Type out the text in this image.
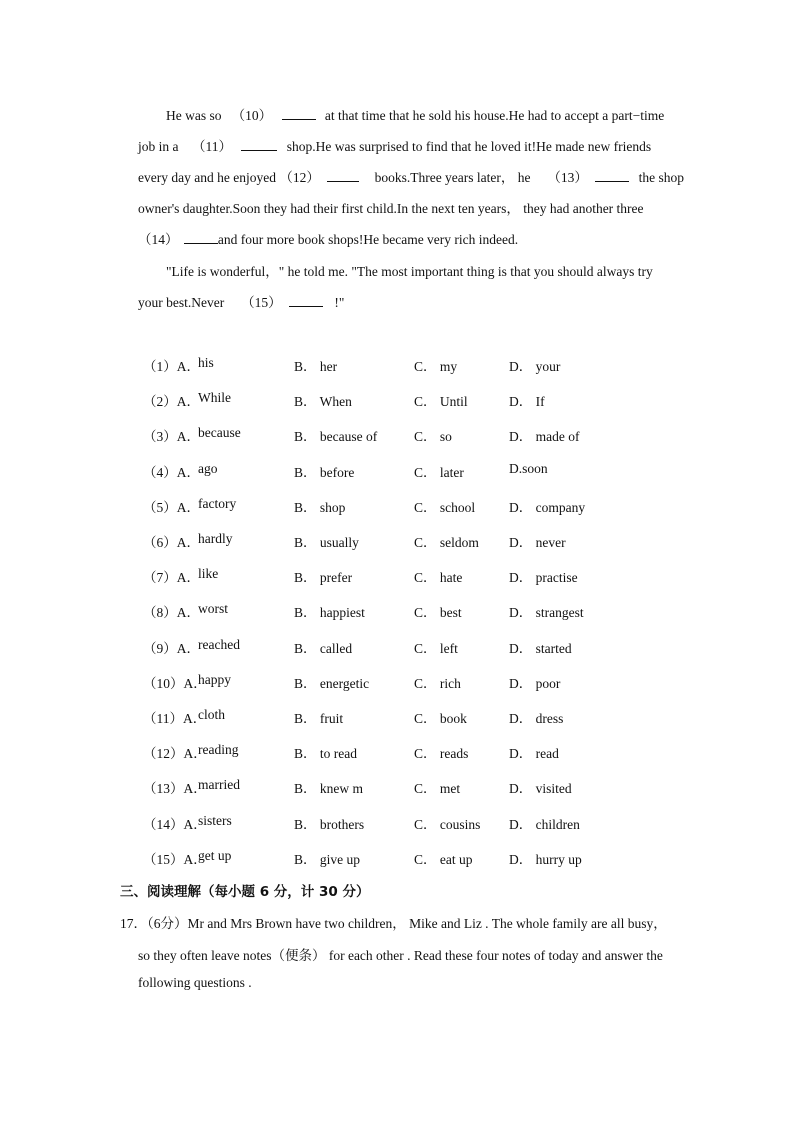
He was so   （10）	at that time that he sold his house.He had to accept a part−time
job in a    （11）	shop.He was surprised to find that he loved it!He made new friends
every day and he enjoyed （12）	books.Three years later， he     （13）	the shop
owner's daughter.Soon they had their first child.In the next ten years， they had another three
（14）	and four more book shops!He became very rich indeed.
"Life is wonderful，" he told me. "The most important thing is that you should always try
your best.Never     （15）	!"
（1）A．
his	B． her	C． my	D． your
（2）A．
While	B． When	C． Until	D． If
（3）A．
because	B． because of	C． so	D． made of
（4）A．
ago	B． before	C． later	D.soon
（5）A．
factory	B． shop	C． school	D． company
（6）A．
hardly	B． usually	C． seldom D． never
（7）A．
like	B． prefer	C． hate	D． practise
（8）A．
worst	B． happiest	C． best	D． strangest
（9）A．
reached	B． called	C． left	D． started
（10）A．
happy	B． energetic	C． rich	D． poor
（11）A．
cloth	B． fruit	C． book	D． dress
（12）A．
reading	B． to read	C． reads	D． read
（13）A．
married	B． knew m	C． met	D． visited
（14）A．
sisters	B． brothers	C． cousins D． children
（15）A．
get up	B． give up	C． eat up	D． hurry up
三、阅读理解（每小题 6 分，计 30 分）
17．（6分）Mr and Mrs Brown have two children， Mike and Liz . The whole family are all busy，
so they often leave notes（便条） for each other . Read these four notes of today and answer the
following questions .
